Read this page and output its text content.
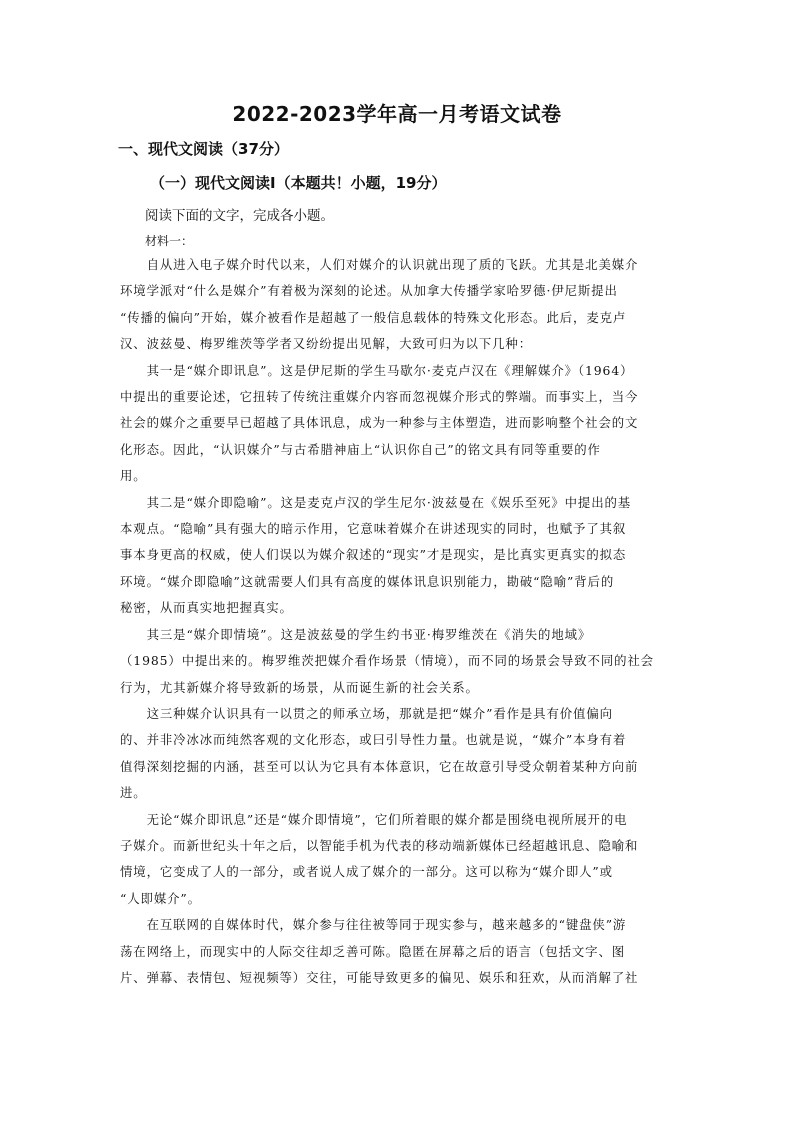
2022-2023学年高一月考语文试卷
一、现代文阅读（37分）
（一）现代文阅读Ⅰ（本题共！小题，19分）
阅读下面的文字，完成各小题。
材料一：
　　自从进入电子媒介时代以来，人们对媒介的认识就出现了质的飞跃。尤其是北美媒介
环境学派对“什么是媒介”有着极为深刻的论述。从加拿大传播学家哈罗德·伊尼斯提出
“传播的偏向”开始，媒介被看作是超越了一般信息载体的特殊文化形态。此后，麦克卢
汉、波兹曼、梅罗维茨等学者又纷纷提出见解，大致可归为以下几种：
　　其一是“媒介即讯息”。这是伊尼斯的学生马歇尔·麦克卢汉在《理解媒介》（1964）
中提出的重要论述，它扭转了传统注重媒介内容而忽视媒介形式的弊端。而事实上，当今
社会的媒介之重要早已超越了具体讯息，成为一种参与主体塑造，进而影响整个社会的文
化形态。因此，“认识媒介”与古希腊神庙上“认识你自己”的铭文具有同等重要的作
用。
　　其二是“媒介即隐喻”。这是麦克卢汉的学生尼尔·波兹曼在《娱乐至死》中提出的基
本观点。“隐喻”具有强大的暗示作用，它意味着媒介在讲述现实的同时，也赋予了其叙
事本身更高的权威，使人们误以为媒介叙述的“现实”才是现实，是比真实更真实的拟态
环境。“媒介即隐喻”这就需要人们具有高度的媒体讯息识别能力，勘破“隐喻”背后的
秘密，从而真实地把握真实。
　　其三是“媒介即情境”。这是波兹曼的学生约书亚·梅罗维茨在《消失的地域》
（1985）中提出来的。梅罗维茨把媒介看作场景（情境），而不同的场景会导致不同的社会
行为，尤其新媒介将导致新的场景，从而诞生新的社会关系。
　　这三种媒介认识具有一以贯之的师承立场，那就是把“媒介”看作是具有价值偏向
的、并非冷冰冰而纯然客观的文化形态，或曰引导性力量。也就是说，“媒介”本身有着
值得深刻挖掘的内涵，甚至可以认为它具有本体意识，它在故意引导受众朝着某种方向前
进。
　　无论“媒介即讯息”还是“媒介即情境”，它们所着眼的媒介都是围绕电视所展开的电
子媒介。而新世纪头十年之后，以智能手机为代表的移动端新媒体已经超越讯息、隐喻和
情境，它变成了人的一部分，或者说人成了媒介的一部分。这可以称为“媒介即人”或
“人即媒介”。
　　在互联网的自媒体时代，媒介参与往往被等同于现实参与，越来越多的“键盘侠”游
荡在网络上，而现实中的人际交往却乏善可陈。隐匿在屏幕之后的语言（包括文字、图
片、弹幕、表情包、短视频等）交往，可能导致更多的偏见、娱乐和狂欢，从而消解了社
